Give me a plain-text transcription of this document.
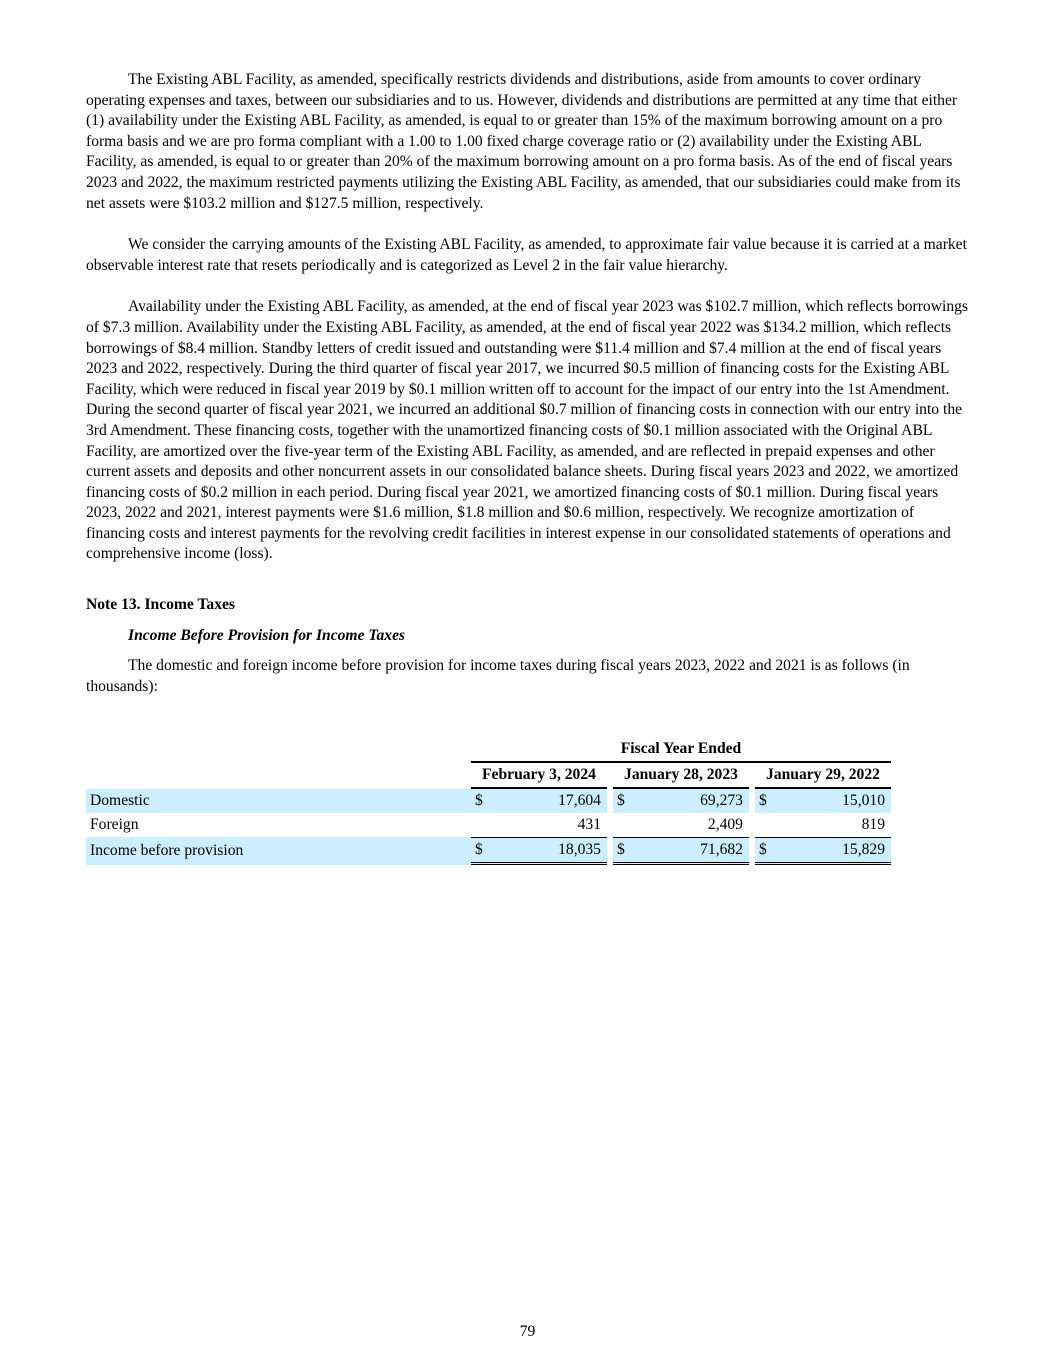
The Existing ABL Facility, as amended, specifically restricts dividends and distributions, aside from amounts to cover ordinary operating expenses and taxes, between our subsidiaries and to us. However, dividends and distributions are permitted at any time that either (1) availability under the Existing ABL Facility, as amended, is equal to or greater than 15% of the maximum borrowing amount on a pro forma basis and we are pro forma compliant with a 1.00 to 1.00 fixed charge coverage ratio or (2) availability under the Existing ABL Facility, as amended, is equal to or greater than 20% of the maximum borrowing amount on a pro forma basis. As of the end of fiscal years 2023 and 2022, the maximum restricted payments utilizing the Existing ABL Facility, as amended, that our subsidiaries could make from its net assets were $103.2 million and $127.5 million, respectively.

We consider the carrying amounts of the Existing ABL Facility, as amended, to approximate fair value because it is carried at a market observable interest rate that resets periodically and is categorized as Level 2 in the fair value hierarchy.

Availability under the Existing ABL Facility, as amended, at the end of fiscal year 2023 was $102.7 million, which reflects borrowings of $7.3 million. Availability under the Existing ABL Facility, as amended, at the end of fiscal year 2022 was $134.2 million, which reflects borrowings of $8.4 million. Standby letters of credit issued and outstanding were $11.4 million and $7.4 million at the end of fiscal years 2023 and 2022, respectively. During the third quarter of fiscal year 2017, we incurred $0.5 million of financing costs for the Existing ABL Facility, which were reduced in fiscal year 2019 by $0.1 million written off to account for the impact of our entry into the 1st Amendment. During the second quarter of fiscal year 2021, we incurred an additional $0.7 million of financing costs in connection with our entry into the 3rd Amendment. These financing costs, together with the unamortized financing costs of $0.1 million associated with the Original ABL Facility, are amortized over the five-year term of the Existing ABL Facility, as amended, and are reflected in prepaid expenses and other current assets and deposits and other noncurrent assets in our consolidated balance sheets. During fiscal years 2023 and 2022, we amortized financing costs of $0.2 million in each period. During fiscal year 2021, we amortized financing costs of $0.1 million. During fiscal years 2023, 2022 and 2021, interest payments were $1.6 million, $1.8 million and $0.6 million, respectively. We recognize amortization of financing costs and interest payments for the revolving credit facilities in interest expense in our consolidated statements of operations and comprehensive income (loss).

Note 13. Income Taxes

Income Before Provision for Income Taxes

The domestic and foreign income before provision for income taxes during fiscal years 2023, 2022 and 2021 is as follows (in thousands):

	Fiscal Year Ended							
	February 3, 2024			January 28, 2023			January 29, 2022	
Domestic	$	17,604		$	69,273		$	15,010
Foreign		431			2,409			819
Income before provision	$	18,035		$	71,682		$	15,829
79
